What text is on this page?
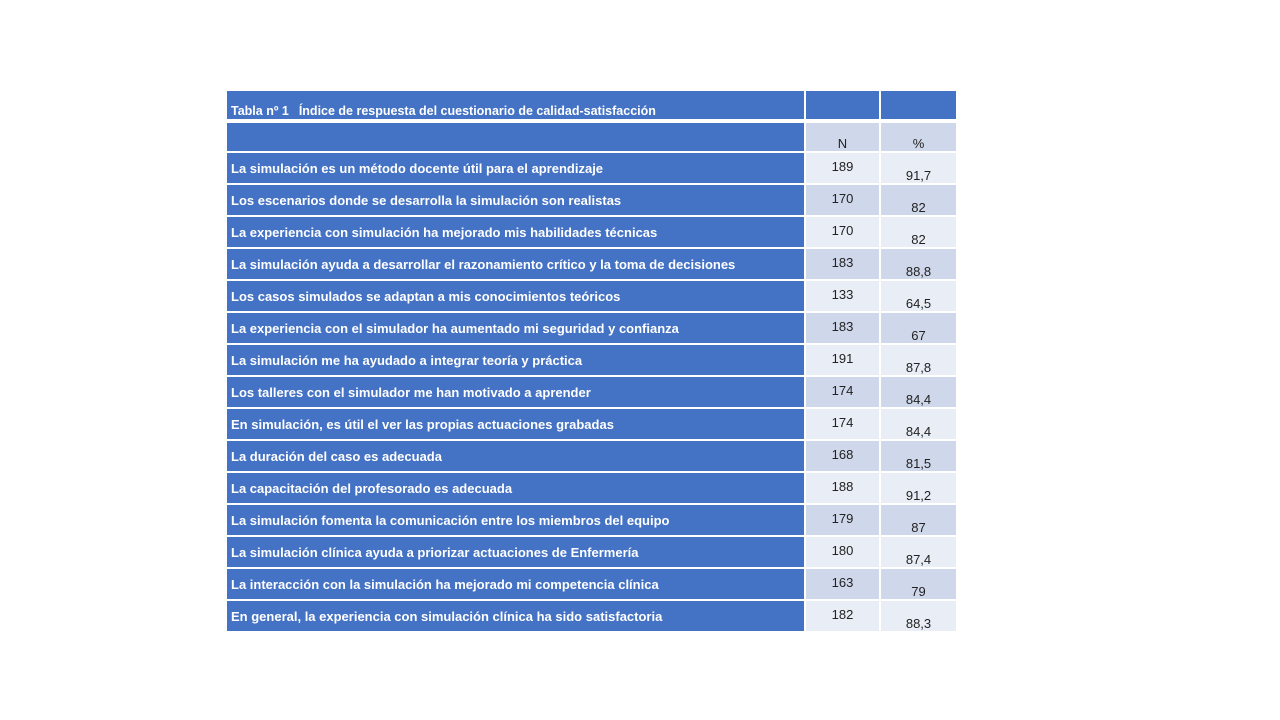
Tabla nº 1 Índice de respuesta del cuestionario de calidad-satisfacción		
	N	%
La simulación es un método docente útil para el aprendizaje	189	91,7
Los escenarios donde se desarrolla la simulación son realistas	170	82
La experiencia con simulación ha mejorado mis habilidades técnicas	170	82
La simulación ayuda a desarrollar el razonamiento crítico y la toma de decisiones	183	88,8
Los casos simulados se adaptan a mis conocimientos teóricos	133	64,5
La experiencia con el simulador ha aumentado mi seguridad y confianza	183	67
La simulación me ha ayudado a integrar teoría y práctica	191	87,8
Los talleres con el simulador me han motivado a aprender	174	84,4
En simulación, es útil el ver las propias actuaciones grabadas	174	84,4
La duración del caso es adecuada	168	81,5
La capacitación del profesorado es adecuada	188	91,2
La simulación fomenta la comunicación entre los miembros del equipo	179	87
La simulación clínica ayuda a priorizar actuaciones de Enfermería	180	87,4
La interacción con la simulación ha mejorado mi competencia clínica	163	79
En general, la experiencia con simulación clínica ha sido satisfactoria	182	88,3
